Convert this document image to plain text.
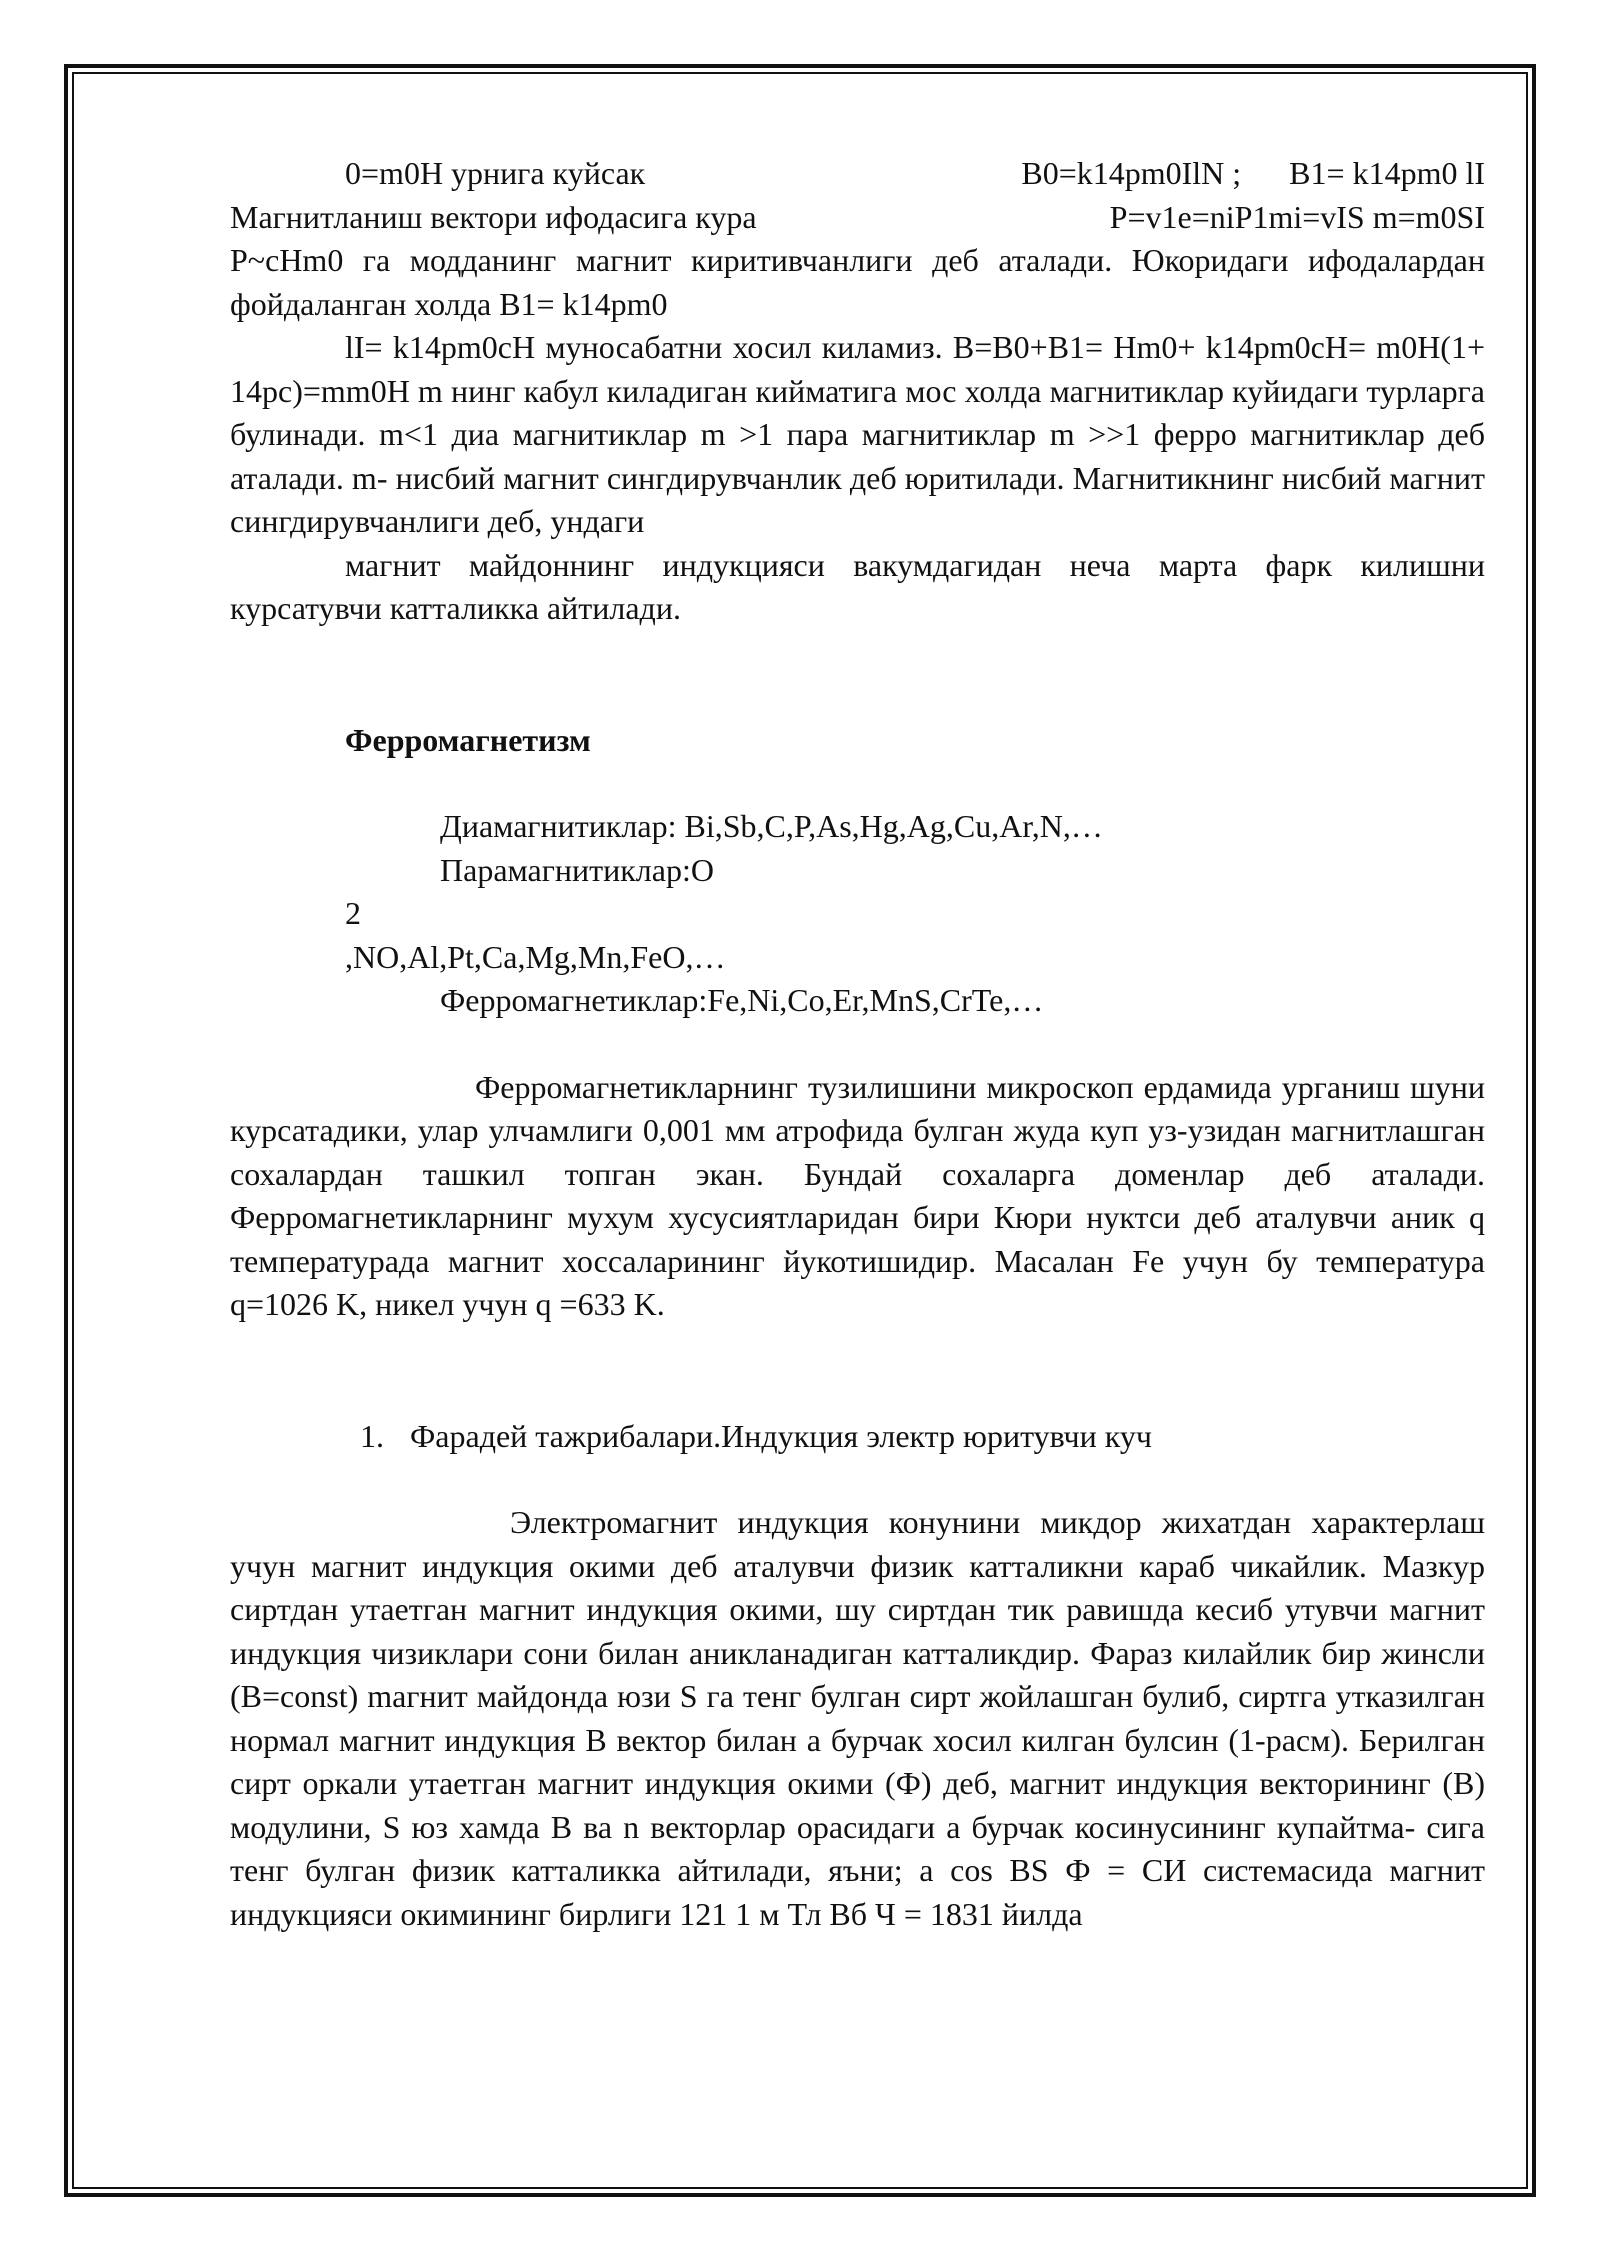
0=m0H урнига куйсак	B0=k14pm0IlN ; B1= k14pm0 lI
Магнитланиш вектори ифодасига кура	P=v1e=niP1mi=vIS m=m0SI

P~cHm0 га модданинг магнит киритивчанлиги деб аталади. Юкоридаги ифодалардан фойдаланган холда B1= k14pm0

lI= k14pm0cH муносабатни хосил киламиз. B=B0+B1= Hm0+ k14pm0cH= m0H(1+ 14pc)=mm0H m нинг кабул киладиган кийматига мос холда магнитиклар куйидаги турларга булинади. m<1 диа магнитиклар m >1 пара магнитиклар m >>1 ферро магнитиклар деб аталади. m- нисбий магнит сингдирувчанлик деб юритилади. Магнитикнинг нисбий магнит сингдирувчанлиги деб, ундаги

магнит майдоннинг индукцияси вакумдагидан неча марта фарк килишни курсатувчи катталикка айтилади.

Ферромагнетизм

Диамагнитиклар: Bi,Sb,C,P,As,Hg,Ag,Cu,Ar,N,…

Парамагнитиклар:O

2

,NO,Al,Pt,Ca,Mg,Mn,FeO,…

Ферромагнетиклар:Fe,Ni,Co,Er,MnS,CrTe,…

Ферромагнетикларнинг тузилишини микроскоп ердамида урганиш шуни курсатадики, улар улчамлиги 0,001 мм атрофида булган жуда куп уз-узидан магнитлашган сохалардан ташкил топган экан. Бундай сохаларга доменлар деб аталади. Ферромагнетикларнинг мухум хусусиятларидан бири Кюри нуктси деб аталувчи аник q температурада магнит хоссаларининг йукотишидир. Масалан Fe учун бу температура q=1026 K, никел учун q =633 K.

1. Фарадей тажрибалари.Индукция электр юритувчи куч

Электромагнит индукция конунини микдор жихатдан характерлаш учун магнит индукция окими деб аталувчи физик катталикни караб чикайлик. Мазкур сиртдан утаетган магнит индукция окими, шу сиртдан тик равишда кесиб утувчи магнит индукция чизиклари сони билан аникланадиган катталикдир. Фараз килайлик бир жинсли (B=const) mагнит майдонда юзи S га тенг булган сирт жойлашган булиб, сиртга утказилган нормал магнит индукция B вектор билан а бурчак хосил килган булсин (1-расм). Берилган сирт оркали утаетган магнит индукция окими (Ф) деб, магнит индукция векторининг (B) модулини, S юз хамда B ва n векторлар орасидаги а бурчак косинусининг купайтма- сига тенг булган физик катталикка айтилади, яъни; a cos BS Ф = СИ системасида магнит индукцияси окимининг бирлиги 121 1 м Тл Вб Ч = 1831 йилда
